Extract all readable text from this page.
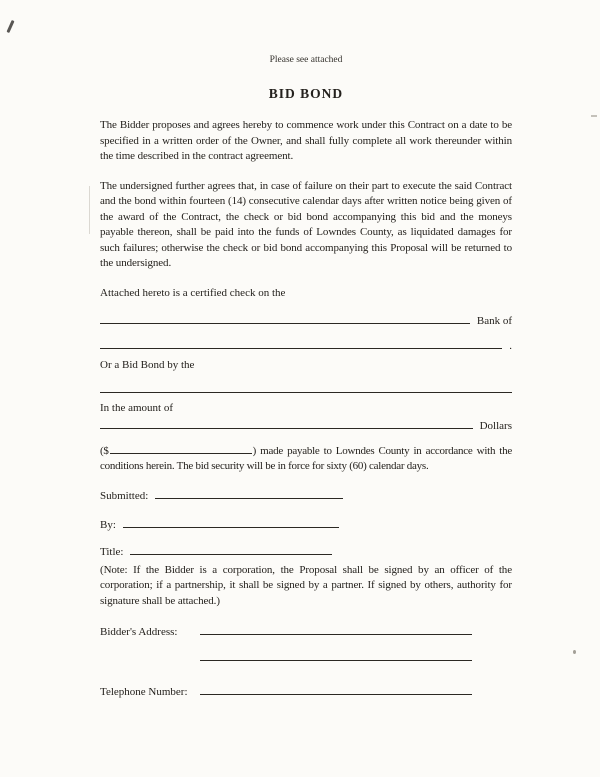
Please see attached

BID BOND

The Bidder proposes and agrees hereby to commence work under this Contract on a date to be specified in a written order of the Owner, and shall fully complete all work thereunder within the time described in the contract agreement.

The undersigned further agrees that, in case of failure on their part to execute the said Contract and the bond within fourteen (14) consecutive calendar days after written notice being given of the award of the Contract, the check or bid bond accompanying this bid and the moneys payable thereon, shall be paid into the funds of Lowndes County, as liquidated damages for such failures; otherwise the check or bid bond accompanying this Proposal will be returned to the undersigned.

Attached hereto is a certified check on the

Bank of
.

Or a Bid Bond by the

In the amount of

Dollars

($	) made payable to Lowndes County in accordance with the conditions herein. The bid security will be in force for sixty (60) calendar days.

Submitted:
By:
Title:

(Note: If the Bidder is a corporation, the Proposal shall be signed by an officer of the corporation; if a partnership, it shall be signed by a partner. If signed by others, authority for signature shall be attached.)

Bidder's Address:
Telephone Number:
